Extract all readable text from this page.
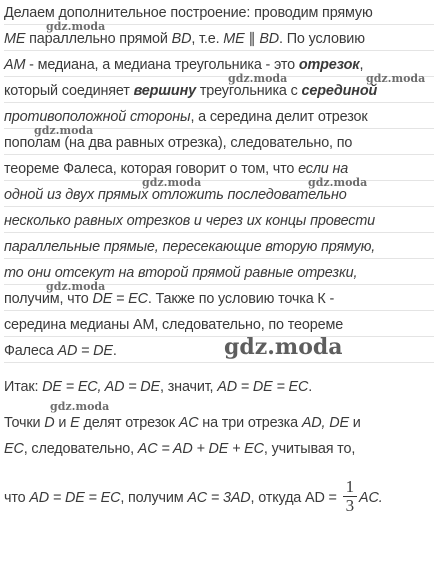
Делаем дополнительное построение: проводим прямую
ME параллельно прямой BD, т.е. ME ∥ BD. По условию
AM - медиана, а медиана треугольника - это отрезок,
который соединяет вершину треугольника с серединой
противоположной стороны, а середина делит отрезок
пополам (на два равных отрезка), следовательно, по
теореме Фалеса, которая говорит о том, что если на
одной из двух прямых отложить последовательно
несколько равных отрезков и через их концы провести
параллельные прямые, пересекающие вторую прямую,
то они отсекут на второй прямой равные отрезки,
получим, что DE = EC. Также по условию точка К -
середина медианы АМ, следовательно, по теореме
Фалеса AD = DE.
Итак: DE = EC, AD = DE, значит, AD = DE = EC.
Точки D и E делят отрезок AC на три отрезка AD, DE и
EC, следовательно, AC = AD + DE + EC, учитывая то,
что AD = DE = EC, получим AC = 3AD, откуда AD = $\frac{1}{3}$ AC.
gdz.moda
gdz.moda	gdz.moda
gdz.moda
gdz.moda	gdz.moda
gdz.moda
gdz.moda
gdz.moda
